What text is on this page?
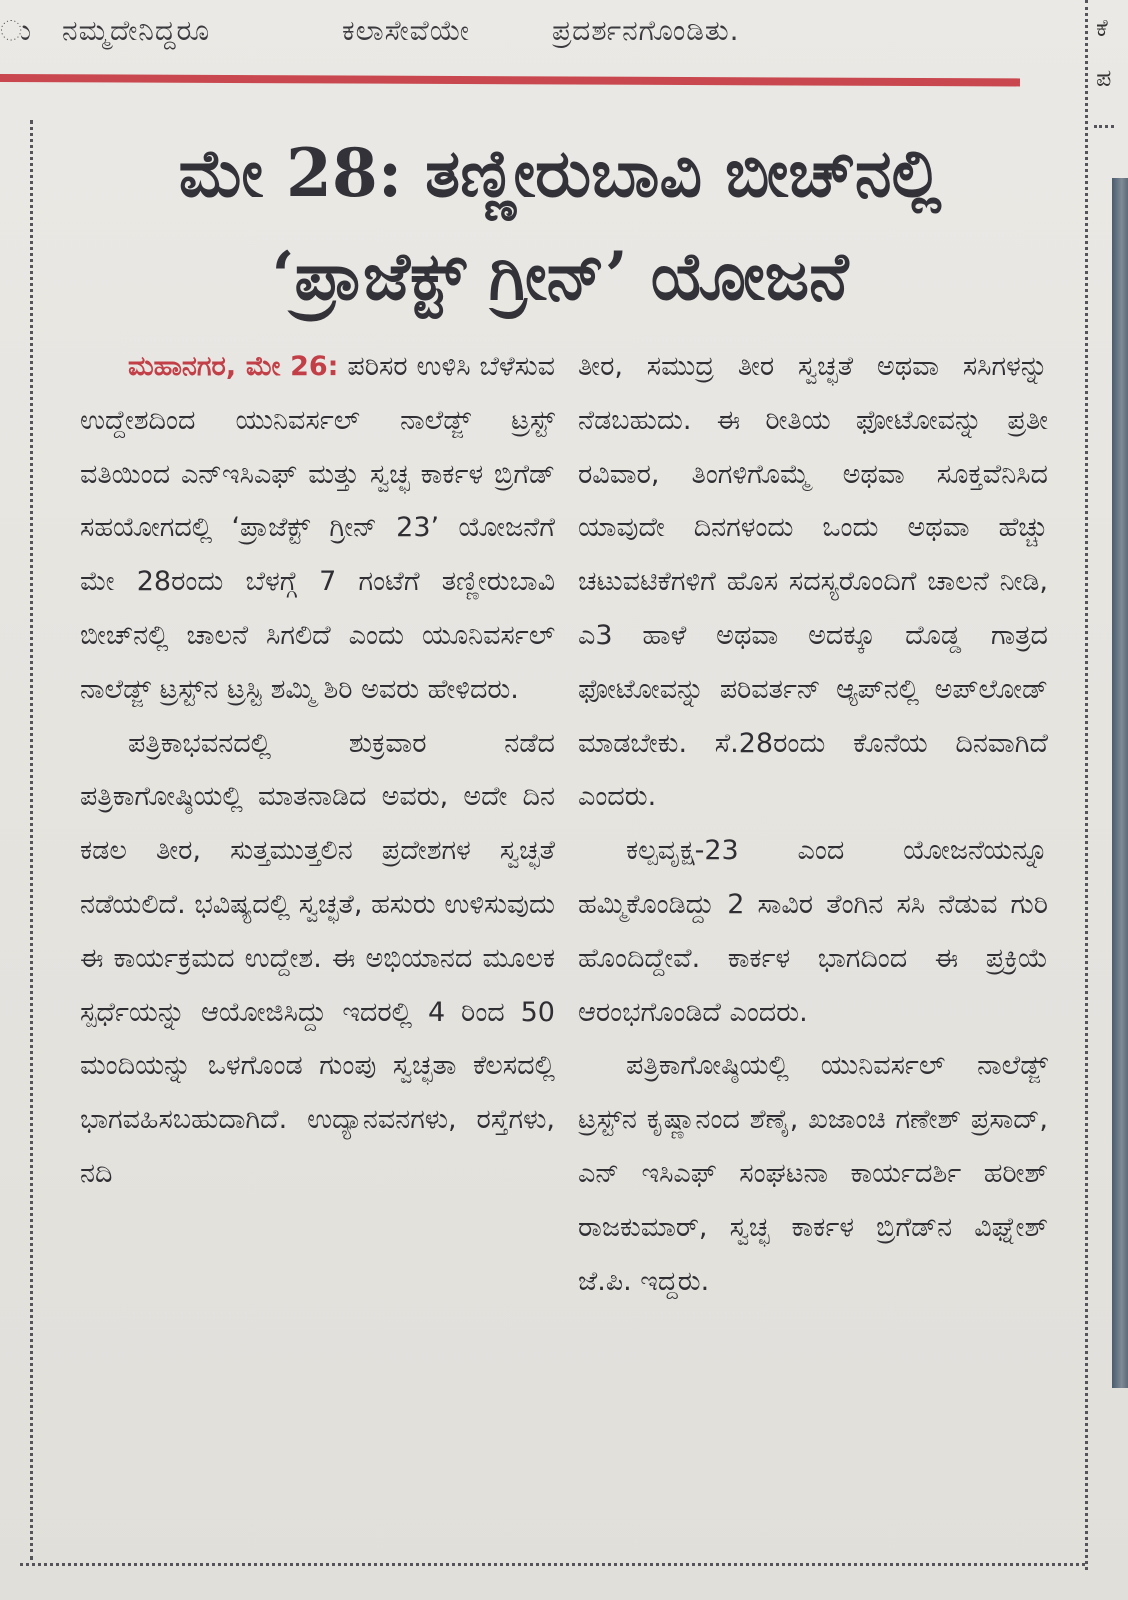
ು ನಮ್ಮದೇನಿದ್ದರೂ	ಕಲಾಸೇವೆಯೇ	ಪ್ರದರ್ಶನಗೊಂಡಿತು.	ಕೆ
ಪ
ಮೇ 28: ತಣ್ಣೀರುಬಾವಿ ಬೀಚ್‌ನಲ್ಲಿ
‘ಪ್ರಾಜೆಕ್ಟ್ ಗ್ರೀನ್’ ಯೋಜನೆ

ಮಹಾನಗರ, ಮೇ 26: ಪರಿಸರ ಉಳಿಸಿ ಬೆಳೆಸುವ ಉದ್ದೇಶದಿಂದ ಯುನಿವರ್ಸಲ್ ನಾಲೆಡ್ಜ್ ಟ್ರಸ್ಟ್ ವತಿಯಿಂದ ಎನ್‌ಇಸಿಎಫ್ ಮತ್ತು ಸ್ವಚ್ಛ ಕಾರ್ಕಳ ಬ್ರಿಗೆಡ್ ಸಹಯೋಗದಲ್ಲಿ ‘ಪ್ರಾಜೆಕ್ಟ್ ಗ್ರೀನ್ 23’ ಯೋಜನೆಗೆ ಮೇ 28ರಂದು ಬೆಳಗ್ಗೆ 7 ಗಂಟೆಗೆ ತಣ್ಣೀರುಬಾವಿ ಬೀಚ್‌ನಲ್ಲಿ ಚಾಲನೆ ಸಿಗಲಿದೆ ಎಂದು ಯೂನಿವರ್ಸಲ್ ನಾಲೆಡ್ಜ್ ಟ್ರಸ್ಟ್‌ನ ಟ್ರಸ್ಟಿ ಶಮ್ಮಿ ಶಿರಿ ಅವರು ಹೇಳಿದರು.

ಪತ್ರಿಕಾಭವನದಲ್ಲಿ ಶುಕ್ರವಾರ ನಡೆದ ಪತ್ರಿಕಾಗೋಷ್ಠಿಯಲ್ಲಿ ಮಾತನಾಡಿದ ಅವರು, ಅದೇ ದಿನ ಕಡಲ ತೀರ, ಸುತ್ತಮುತ್ತಲಿನ ಪ್ರದೇಶಗಳ ಸ್ವಚ್ಛತೆ ನಡೆಯಲಿದೆ. ಭವಿಷ್ಯದಲ್ಲಿ ಸ್ವಚ್ಛತೆ, ಹಸುರು ಉಳಿಸುವುದು ಈ ಕಾರ್ಯಕ್ರಮದ ಉದ್ದೇಶ. ಈ ಅಭಿಯಾನದ ಮೂಲಕ ಸ್ಪರ್ಧೆಯನ್ನು ಆಯೋಜಿಸಿದ್ದು ಇದರಲ್ಲಿ 4 ರಿಂದ 50 ಮಂದಿಯನ್ನು ಒಳಗೊಂಡ ಗುಂಪು ಸ್ವಚ್ಛತಾ ಕೆಲಸದಲ್ಲಿ ಭಾಗವಹಿಸಬಹುದಾಗಿದೆ. ಉದ್ಯಾನವನಗಳು, ರಸ್ತೆಗಳು, ನದಿ

ತೀರ, ಸಮುದ್ರ ತೀರ ಸ್ವಚ್ಛತೆ ಅಥವಾ ಸಸಿಗಳನ್ನು ನೆಡಬಹುದು. ಈ ರೀತಿಯ ಫೋಟೋವನ್ನು ಪ್ರತೀ ರವಿವಾರ, ತಿಂಗಳಿಗೊಮ್ಮೆ ಅಥವಾ ಸೂಕ್ತವೆನಿಸಿದ ಯಾವುದೇ ದಿನಗಳಂದು ಒಂದು ಅಥವಾ ಹೆಚ್ಚು ಚಟುವಟಿಕೆಗಳಿಗೆ ಹೊಸ ಸದಸ್ಯರೊಂದಿಗೆ ಚಾಲನೆ ನೀಡಿ, ಎ3 ಹಾಳೆ ಅಥವಾ ಅದಕ್ಕೂ ದೊಡ್ಡ ಗಾತ್ರದ ಫೋಟೋವನ್ನು ಪರಿವರ್ತನ್ ಆ್ಯಪ್‌ನಲ್ಲಿ ಅಪ್‌ಲೋಡ್ ಮಾಡಬೇಕು. ಸೆ.28ರಂದು ಕೊನೆಯ ದಿನವಾಗಿದೆ ಎಂದರು.

ಕಲ್ಪವೃಕ್ಷ-23 ಎಂದ ಯೋಜನೆಯನ್ನೂ ಹಮ್ಮಿಕೊಂಡಿದ್ದು 2 ಸಾವಿರ ತೆಂಗಿನ ಸಸಿ ನೆಡುವ ಗುರಿ ಹೊಂದಿದ್ದೇವೆ. ಕಾರ್ಕಳ ಭಾಗದಿಂದ ಈ ಪ್ರಕ್ರಿಯೆ ಆರಂಭಗೊಂಡಿದೆ ಎಂದರು.

ಪತ್ರಿಕಾಗೋಷ್ಠಿಯಲ್ಲಿ ಯುನಿವರ್ಸಲ್ ನಾಲೆಡ್ಜ್ ಟ್ರಸ್ಟ್‌ನ ಕೃಷ್ಣಾನಂದ ಶೆಣೈ, ಖಜಾಂಚಿ ಗಣೇಶ್ ಪ್ರಸಾದ್, ಎನ್ ಇಸಿಎಫ್ ಸಂಘಟನಾ ಕಾರ್ಯದರ್ಶಿ ಹರೀಶ್ ರಾಜಕುಮಾರ್, ಸ್ವಚ್ಛ ಕಾರ್ಕಳ ಬ್ರಿಗೆಡ್‌ನ ವಿಘ್ನೇಶ್ ಜೆ.ಪಿ. ಇದ್ದರು.
